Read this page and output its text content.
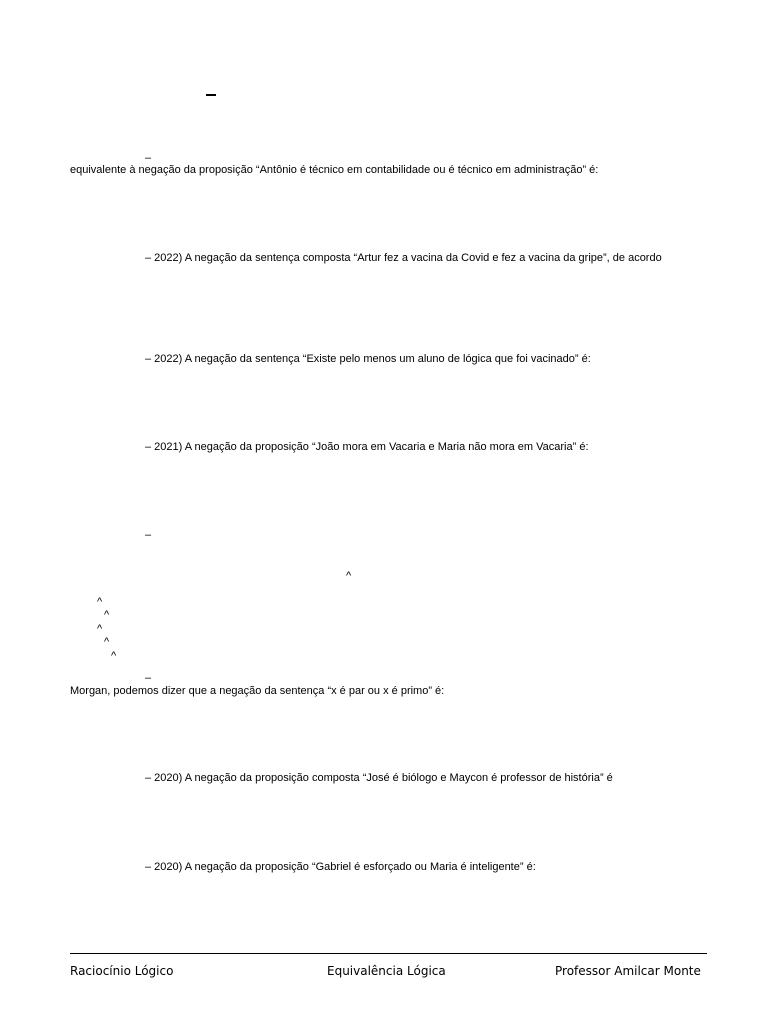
–
equivalente à negação da proposição “Antônio é técnico em contabilidade ou é técnico em administração” é:
– 2022) A negação da sentença composta “Artur fez a vacina da Covid e fez a vacina da gripe”, de acordo
– 2022) A negação da sentença “Existe pelo menos um aluno de lógica que foi vacinado” é:
– 2021) A negação da proposição “João mora em Vacaria e Maria não mora em Vacaria” é:
–
^
^
^
^
^
^
–
Morgan, podemos dizer que a negação da sentença “x é par ou x é primo” é:
– 2020) A negação da proposição composta “José é biólogo e Maycon é professor de história” é
– 2020) A negação da proposição “Gabriel é esforçado ou Maria é inteligente” é:
Raciocínio Lógico	Equivalência Lógica	Professor Amilcar Monte
